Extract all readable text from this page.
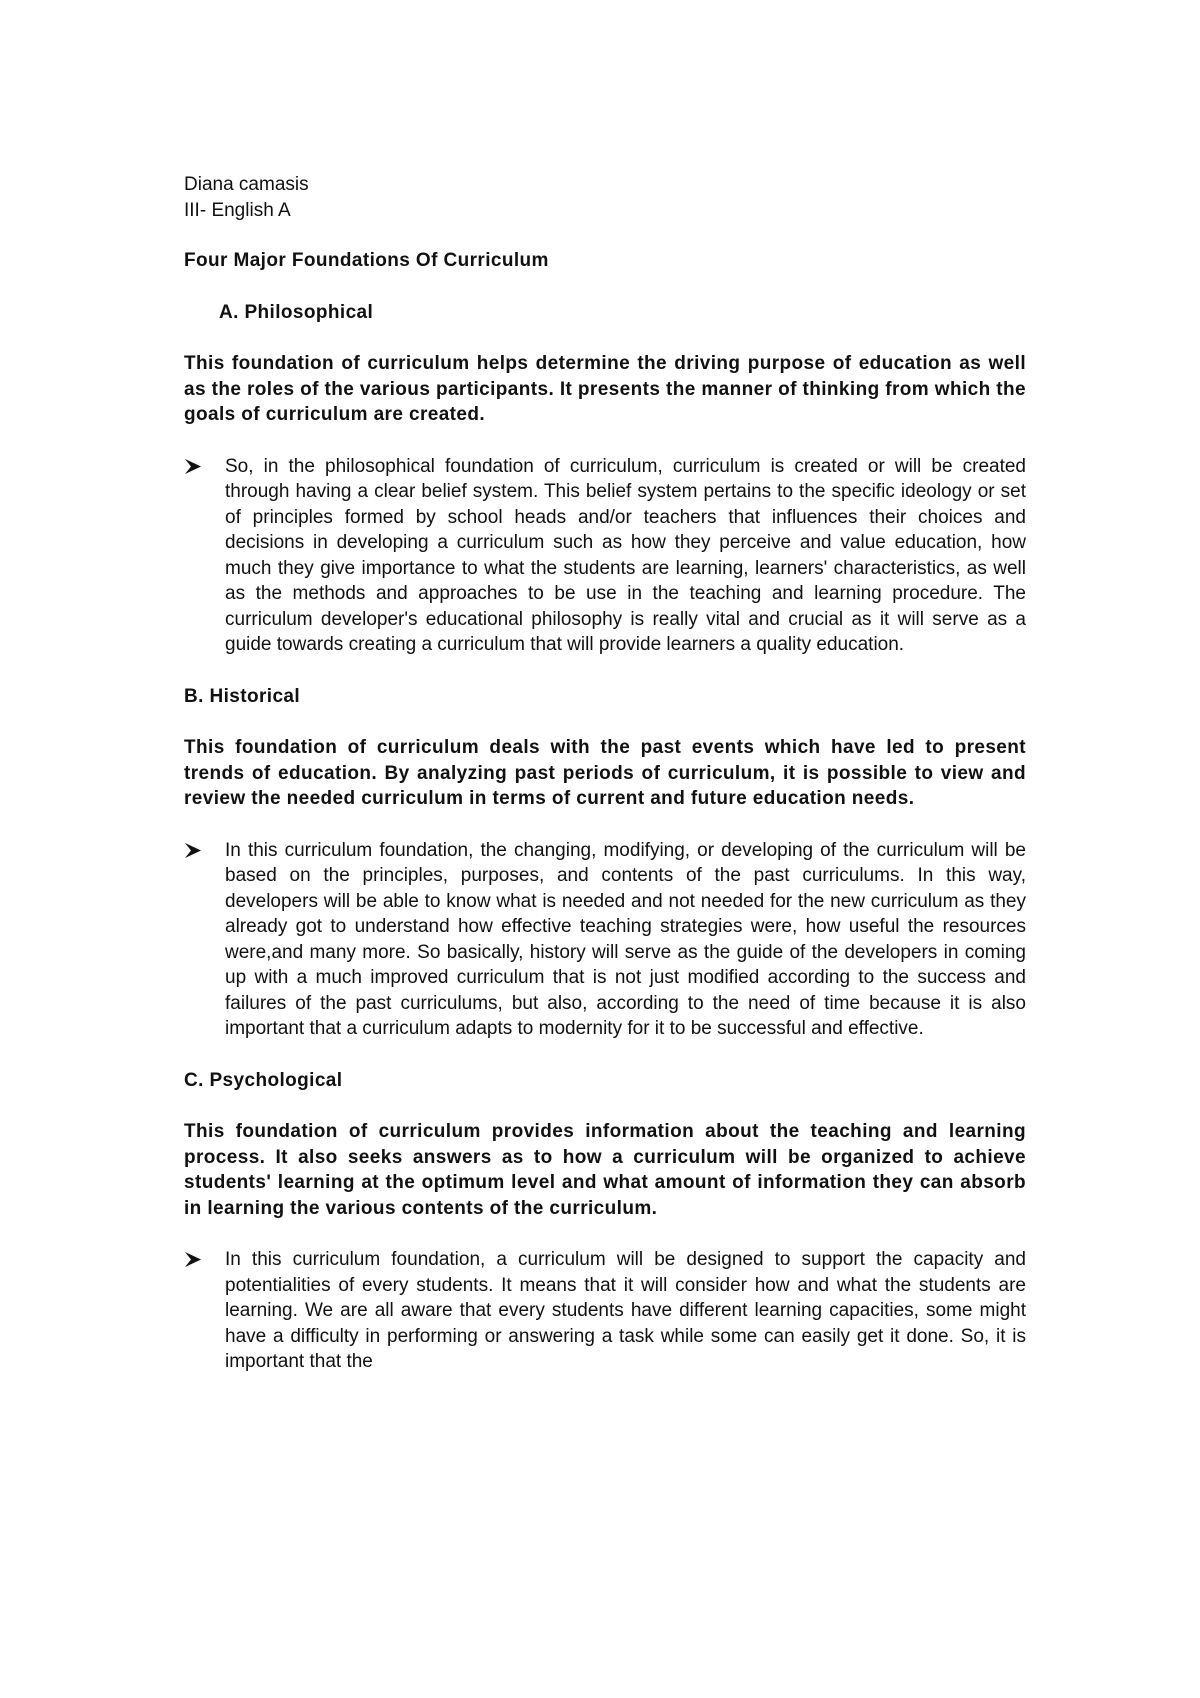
Diana camasis

III- English A

Four Major Foundations Of Curriculum
A. Philosophical

This foundation of curriculum helps determine the driving purpose of education as well as the roles of the various participants. It presents the manner of thinking from which the goals of curriculum are created.

So, in the philosophical foundation of curriculum, curriculum is created or will be created through having a clear belief system. This belief system pertains to the specific ideology or set of principles formed by school heads and/or teachers that influences their choices and decisions in developing a curriculum such as how they perceive and value education, how much they give importance to what the students are learning, learners' characteristics, as well as the methods and approaches to be use in the teaching and learning procedure. The curriculum developer's educational philosophy is really vital and crucial as it will serve as a guide towards creating a curriculum that will provide learners a quality education.
B. Historical

This foundation of curriculum deals with the past events which have led to present trends of education. By analyzing past periods of curriculum, it is possible to view and review the needed curriculum in terms of current and future education needs.

In this curriculum foundation, the changing, modifying, or developing of the curriculum will be based on the principles, purposes, and contents of the past curriculums. In this way, developers will be able to know what is needed and not needed for the new curriculum as they already got to understand how effective teaching strategies were, how useful the resources were,and many more. So basically, history will serve as the guide of the developers in coming up with a much improved curriculum that is not just modified according to the success and failures of the past curriculums, but also, according to the need of time because it is also important that a curriculum adapts to modernity for it to be successful and effective.
C. Psychological

This foundation of curriculum provides information about the teaching and learning process. It also seeks answers as to how a curriculum will be organized to achieve students' learning at the optimum level and what amount of information they can absorb in learning the various contents of the curriculum.

In this curriculum foundation, a curriculum will be designed to support the capacity and potentialities of every students. It means that it will consider how and what the students are learning. We are all aware that every students have different learning capacities, some might have a difficulty in performing or answering a task while some can easily get it done. So, it is important that the
